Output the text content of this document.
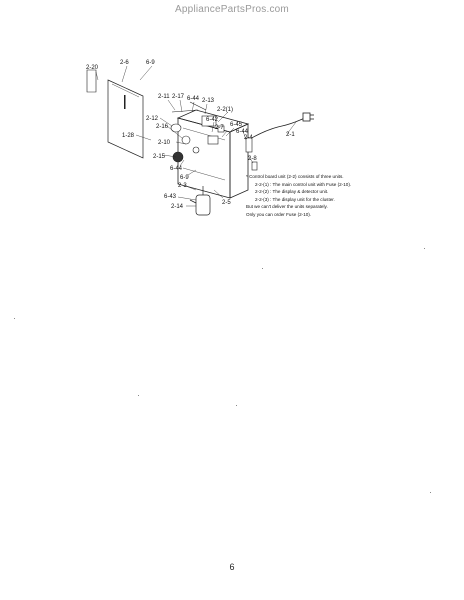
AppliancePartsPros.com
2-20
2-6	6-9
2-11 2-17 6-44 2-13
2-12
2-2(1)
6-42
2-7 6-45
2-16
6-44
2-4	2-1
1-28
2-10
2-8
2-15
6-44
6-9
2-3
6-43
2-14
2-5
* Control board unit (2-2) consists of three units.

2-2-(1) : The main control unit with Fuse (2-10).
2-2-(2) : The display & detector unit.
2-2-(3) : The display unit for the cluster.
But we can't deliver the units separately.
Only you can order Fuse (2-10).
6
